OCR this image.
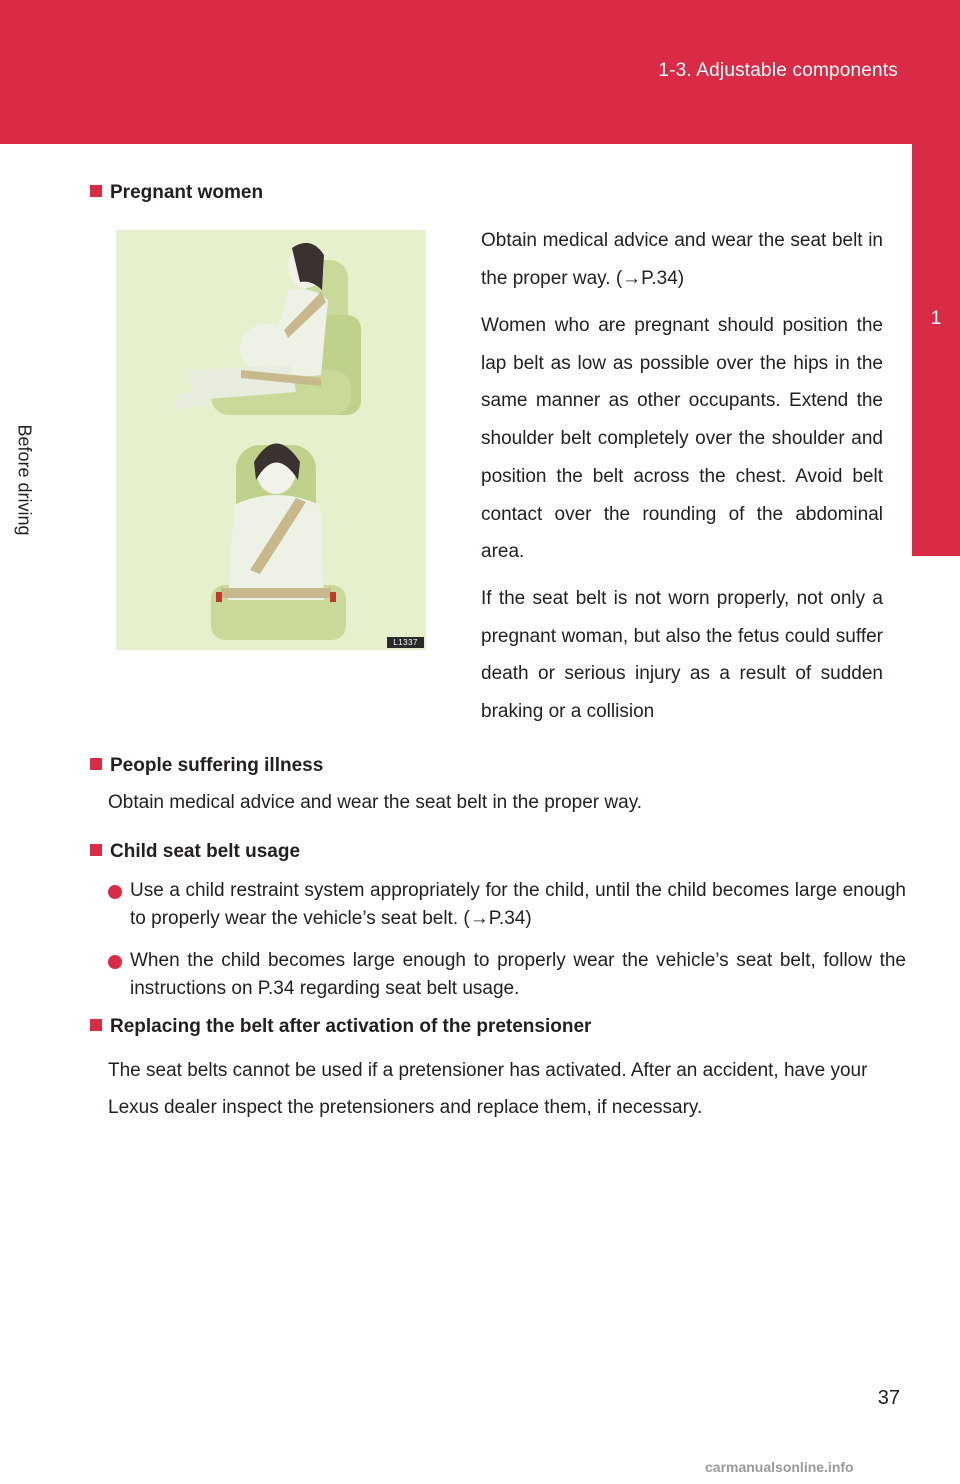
1-3. Adjustable components
1
Before driving
Pregnant women
L1337

Obtain medical advice and wear the seat belt in the proper way. (→P.34)

Women who are pregnant should position the lap belt as low as possible over the hips in the same manner as other occupants. Extend the shoulder belt completely over the shoulder and position the belt across the chest. Avoid belt contact over the rounding of the abdominal area.

If the seat belt is not worn properly, not only a pregnant woman, but also the fetus could suffer death or serious injury as a result of sudden braking or a collision

People suffering illness

Obtain medical advice and wear the seat belt in the proper way.

Child seat belt usage
Use a child restraint system appropriately for the child, until the child becomes large enough to properly wear the vehicle’s seat belt. (→P.34)
When the child becomes large enough to properly wear the vehicle’s seat belt, follow the instructions on P.34 regarding seat belt usage.
Replacing the belt after activation of the pretensioner

The seat belts cannot be used if a pretensioner has activated. After an accident, have your Lexus dealer inspect the pretensioners and replace them, if necessary.

37
carmanualsonline.info
